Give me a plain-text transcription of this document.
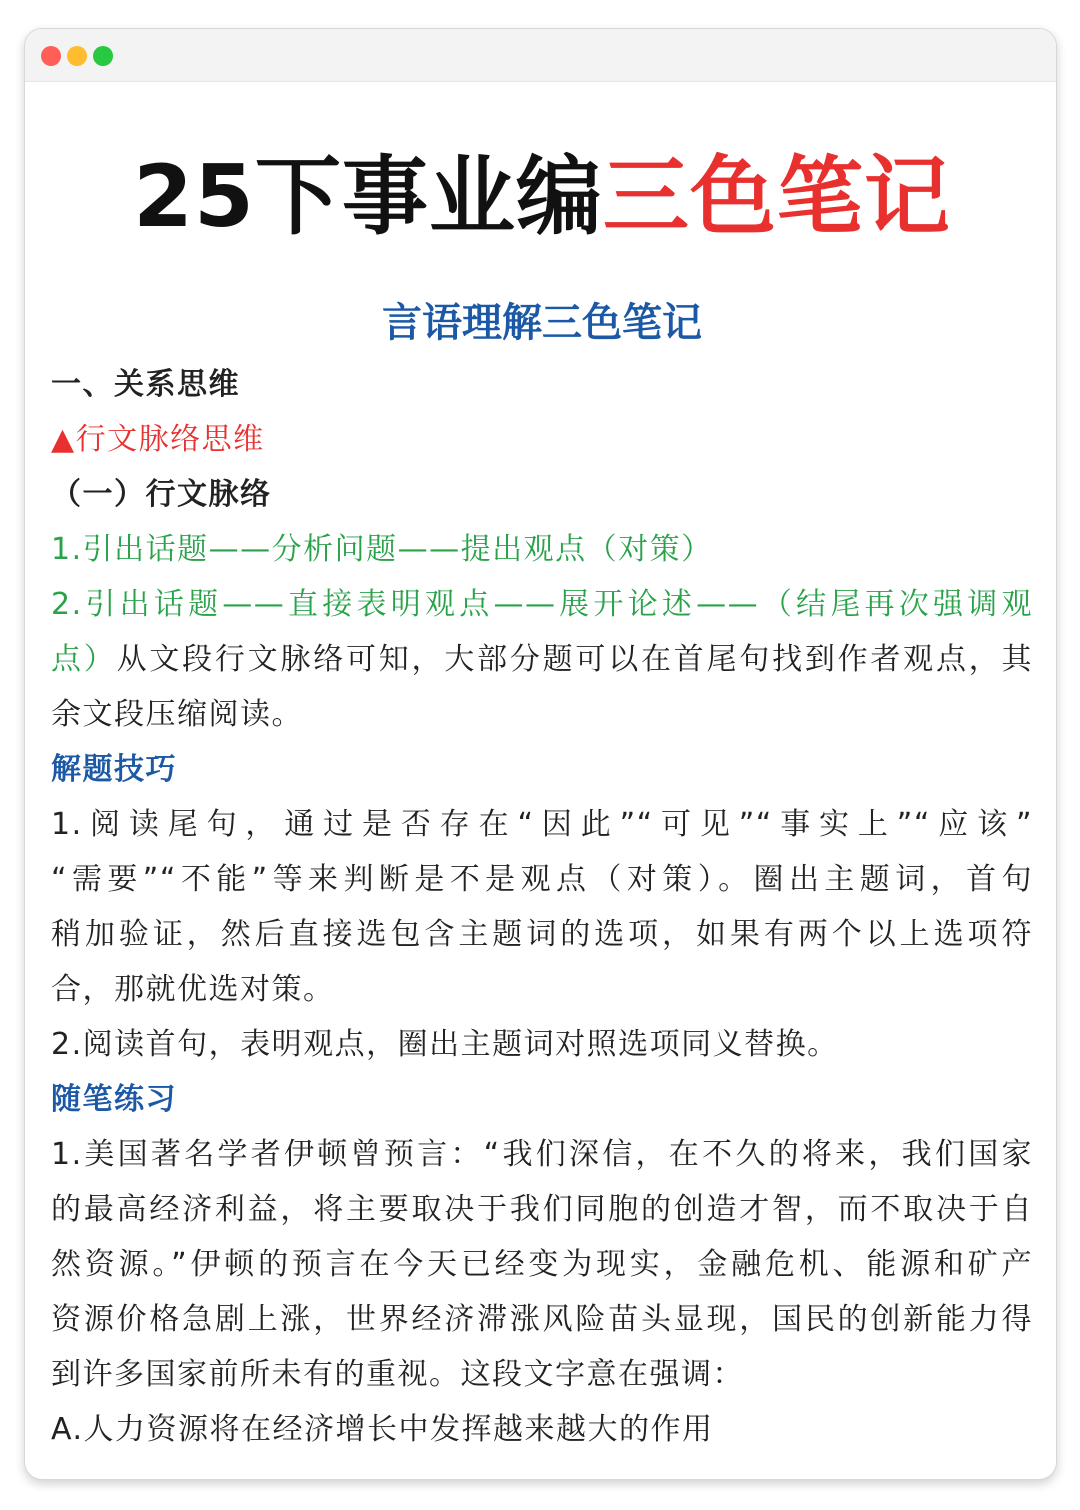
25下事业编三色笔记
言语理解三色笔记
一、关系思维
▲行文脉络思维
（一）行文脉络
1.引出话题——分析问题——提出观点（对策）
2.引出话题——直接表明观点——展开论述——（结尾再次强调观
点）从文段行文脉络可知，大部分题可以在首尾句找到作者观点，其
余文段压缩阅读。
解题技巧
1.阅读尾句，通过是否存在“因此”“可见”“事实上”“应该”
“需要”“不能”等来判断是不是观点（对策）。圈出主题词，首句
稍加验证，然后直接选包含主题词的选项，如果有两个以上选项符
合，那就优选对策。
2.阅读首句，表明观点，圈出主题词对照选项同义替换。
随笔练习
1.美国著名学者伊顿曾预言：“我们深信，在不久的将来，我们国家
的最高经济利益，将主要取决于我们同胞的创造才智，而不取决于自
然资源。”伊顿的预言在今天已经变为现实，金融危机、能源和矿产
资源价格急剧上涨，世界经济滞涨风险苗头显现，国民的创新能力得
到许多国家前所未有的重视。这段文字意在强调：
A.人力资源将在经济增长中发挥越来越大的作用
